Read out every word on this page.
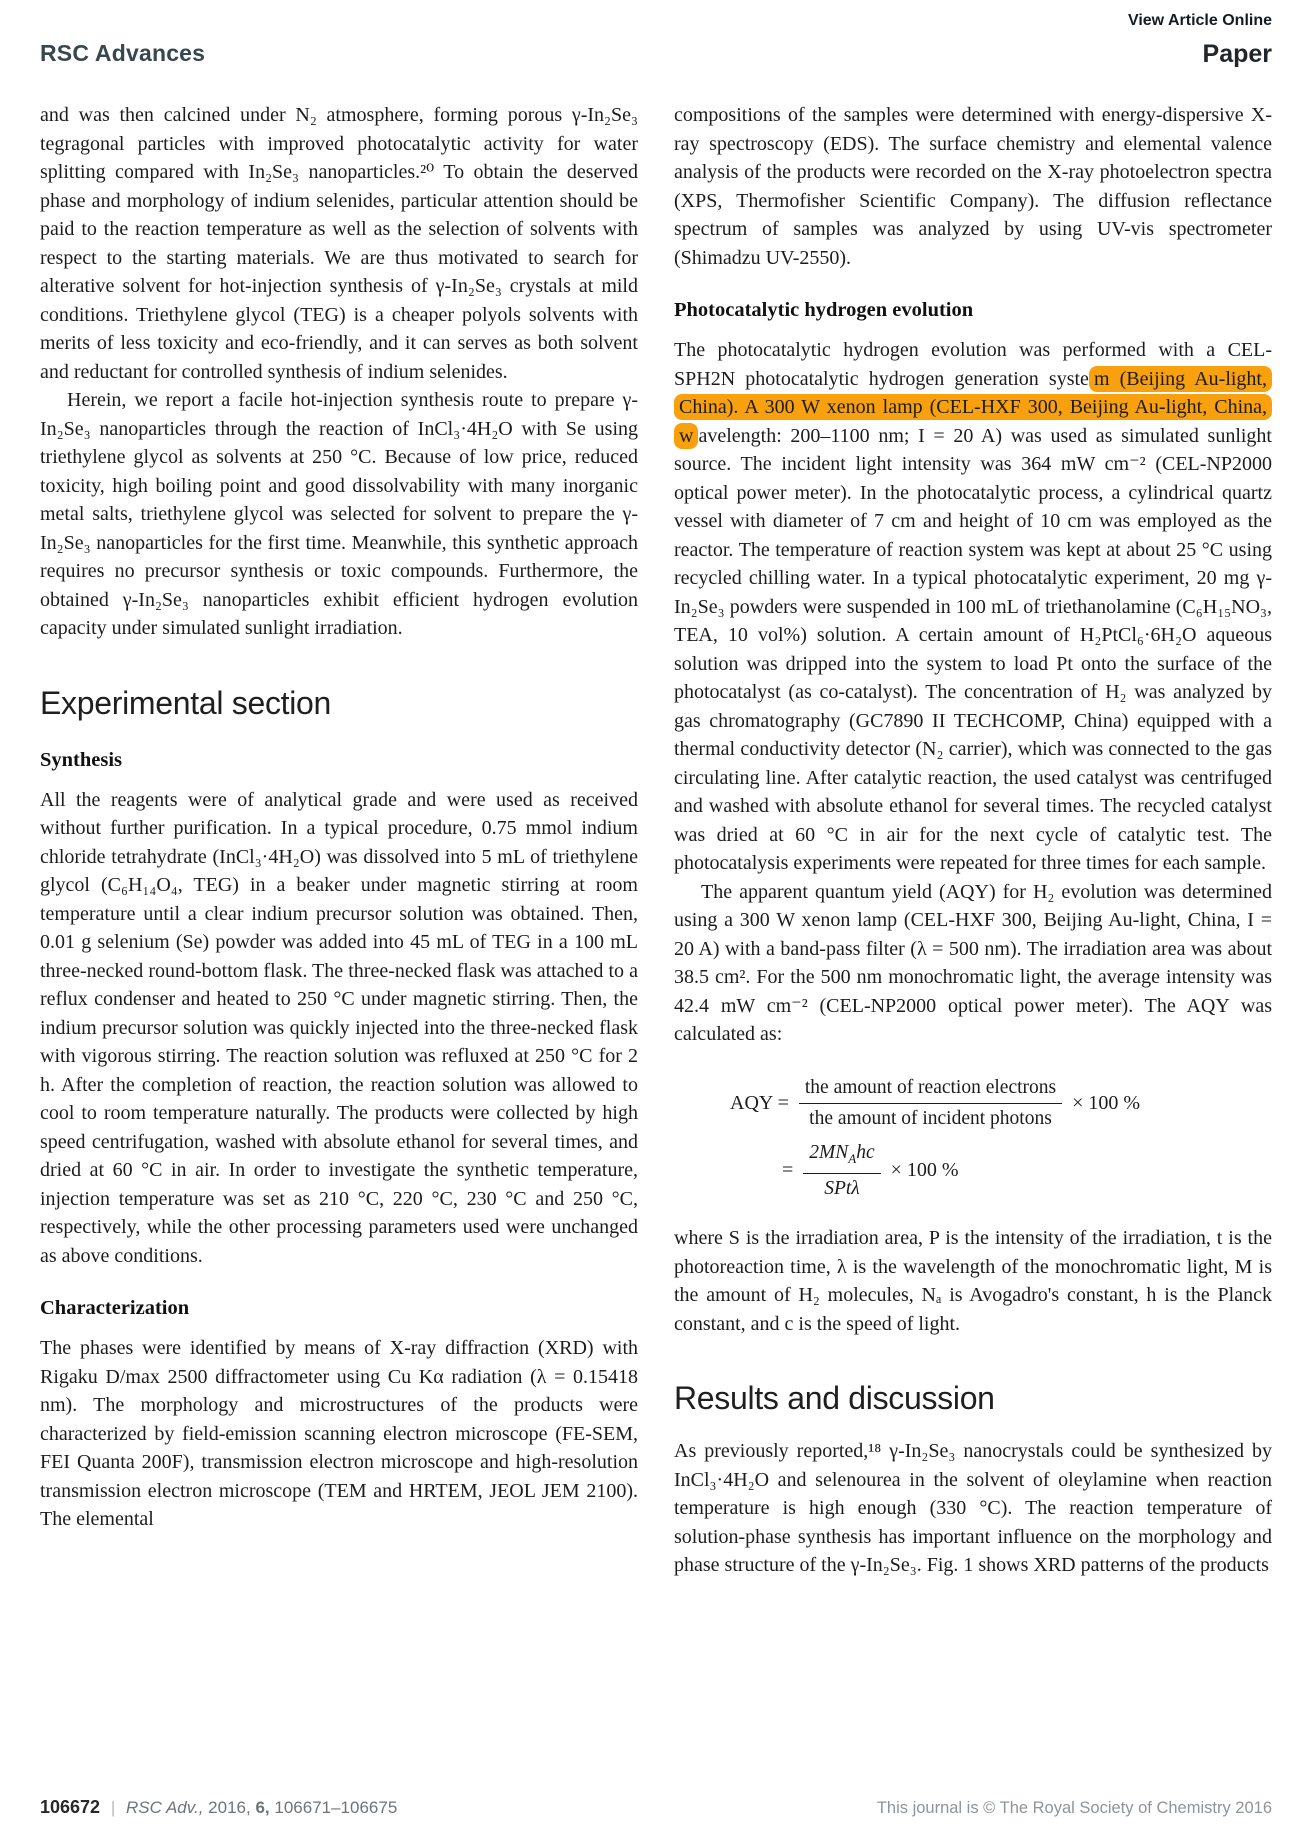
RSC Advances
View Article Online
Paper

and was then calcined under N₂ atmosphere, forming porous γ-In₂Se₃ tegragonal particles with improved photocatalytic activity for water splitting compared with In₂Se₃ nanoparticles.²⁰ To obtain the deserved phase and morphology of indium selenides, particular attention should be paid to the reaction temperature as well as the selection of solvents with respect to the starting materials. We are thus motivated to search for alterative solvent for hot-injection synthesis of γ-In₂Se₃ crystals at mild conditions. Triethylene glycol (TEG) is a cheaper polyols solvents with merits of less toxicity and eco-friendly, and it can serves as both solvent and reductant for controlled synthesis of indium selenides.

Herein, we report a facile hot-injection synthesis route to prepare γ-In₂Se₃ nanoparticles through the reaction of InCl₃·4H₂O with Se using triethylene glycol as solvents at 250 °C. Because of low price, reduced toxicity, high boiling point and good dissolvability with many inorganic metal salts, triethylene glycol was selected for solvent to prepare the γ-In₂Se₃ nanoparticles for the first time. Meanwhile, this synthetic approach requires no precursor synthesis or toxic compounds. Furthermore, the obtained γ-In₂Se₃ nanoparticles exhibit efficient hydrogen evolution capacity under simulated sunlight irradiation.

Experimental section
Synthesis

All the reagents were of analytical grade and were used as received without further purification. In a typical procedure, 0.75 mmol indium chloride tetrahydrate (InCl₃·4H₂O) was dissolved into 5 mL of triethylene glycol (C₆H₁₄O₄, TEG) in a beaker under magnetic stirring at room temperature until a clear indium precursor solution was obtained. Then, 0.01 g selenium (Se) powder was added into 45 mL of TEG in a 100 mL three-necked round-bottom flask. The three-necked flask was attached to a reflux condenser and heated to 250 °C under magnetic stirring. Then, the indium precursor solution was quickly injected into the three-necked flask with vigorous stirring. The reaction solution was refluxed at 250 °C for 2 h. After the completion of reaction, the reaction solution was allowed to cool to room temperature naturally. The products were collected by high speed centrifugation, washed with absolute ethanol for several times, and dried at 60 °C in air. In order to investigate the synthetic temperature, injection temperature was set as 210 °C, 220 °C, 230 °C and 250 °C, respectively, while the other processing parameters used were unchanged as above conditions.

Characterization

The phases were identified by means of X-ray diffraction (XRD) with Rigaku D/max 2500 diffractometer using Cu Kα radiation (λ = 0.15418 nm). The morphology and microstructures of the products were characterized by field-emission scanning electron microscope (FE-SEM, FEI Quanta 200F), transmission electron microscope and high-resolution transmission electron microscope (TEM and HRTEM, JEOL JEM 2100). The elemental

compositions of the samples were determined with energy-dispersive X-ray spectroscopy (EDS). The surface chemistry and elemental valence analysis of the products were recorded on the X-ray photoelectron spectra (XPS, Thermofisher Scientific Company). The diffusion reflectance spectrum of samples was analyzed by using UV-vis spectrometer (Shimadzu UV-2550).

Photocatalytic hydrogen evolution

The photocatalytic hydrogen evolution was performed with a CEL-SPH2N photocatalytic hydrogen generation syste m (Beijing Au-light, China). A 300 W xenon lamp (CEL-HXF 300, Beijing Au-light, China, w avelength: 200–1100 nm; I = 20 A) was used as simulated sunlight source. The incident light intensity was 364 mW cm⁻² (CEL-NP2000 optical power meter). In the photocatalytic process, a cylindrical quartz vessel with diameter of 7 cm and height of 10 cm was employed as the reactor. The temperature of reaction system was kept at about 25 °C using recycled chilling water. In a typical photocatalytic experiment, 20 mg γ-In₂Se₃ powders were suspended in 100 mL of triethanolamine (C₆H₁₅NO₃, TEA, 10 vol%) solution. A certain amount of H₂PtCl₆·6H₂O aqueous solution was dripped into the system to load Pt onto the surface of the photocatalyst (as co-catalyst). The concentration of H₂ was analyzed by gas chromatography (GC7890 II TECHCOMP, China) equipped with a thermal conductivity detector (N₂ carrier), which was connected to the gas circulating line. After catalytic reaction, the used catalyst was centrifuged and washed with absolute ethanol for several times. The recycled catalyst was dried at 60 °C in air for the next cycle of catalytic test. The photocatalysis experiments were repeated for three times for each sample.

The apparent quantum yield (AQY) for H₂ evolution was determined using a 300 W xenon lamp (CEL-HXF 300, Beijing Au-light, China, I = 20 A) with a band-pass filter (λ = 500 nm). The irradiation area was about 38.5 cm². For the 500 nm monochromatic light, the average intensity was 42.4 mW cm⁻² (CEL-NP2000 optical power meter). The AQY was calculated as:

AQY = $\frac{\text{the amount of reaction electrons}}{\text{the amount of incident photons}} \times 100$ %
= $\frac{2MN_Ahc}{\text{SPtλ}} \times 100$ %

where S is the irradiation area, P is the intensity of the irradiation, t is the photoreaction time, λ is the wavelength of the monochromatic light, M is the amount of H₂ molecules, Nₐ is Avogadro's constant, h is the Planck constant, and c is the speed of light.

Results and discussion

As previously reported,¹⁸ γ-In₂Se₃ nanocrystals could be synthesized by InCl₃·4H₂O and selenourea in the solvent of oleylamine when reaction temperature is high enough (330 °C). The reaction temperature of solution-phase synthesis has important influence on the morphology and phase structure of the γ-In₂Se₃. Fig. 1 shows XRD patterns of the products

106672 | RSC Adv., 2016, 6, 106671–106675	This journal is © The Royal Society of Chemistry 2016
